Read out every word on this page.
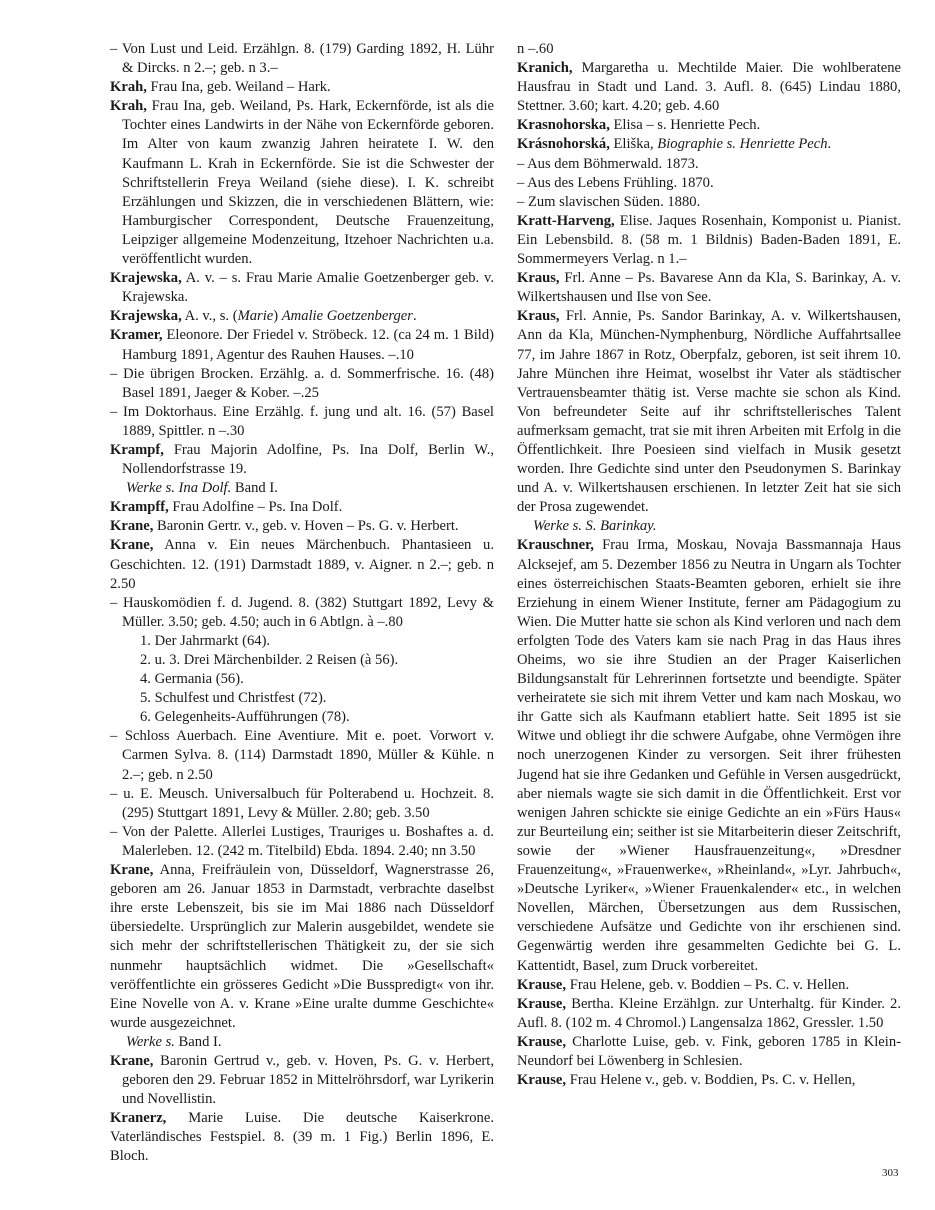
– Von Lust und Leid. Erzählgn. 8. (179) Garding 1892, H. Lühr & Dircks. n 2.–; geb. n 3.–

Krah, Frau Ina, geb. Weiland – Hark.

Krah, Frau Ina, geb. Weiland, Ps. Hark, Eckernförde, ist als die Tochter eines Landwirts in der Nähe von Eckernförde geboren. Im Alter von kaum zwanzig Jahren heiratete I. W. den Kaufmann L. Krah in Eckernförde. Sie ist die Schwester der Schriftstellerin Freya Weiland (siehe diese). I. K. schreibt Erzählungen und Skizzen, die in verschiedenen Blättern, wie: Hamburgischer Correspondent, Deutsche Frauenzeitung, Leipziger allgemeine Modenzeitung, Itzehoer Nachrichten u.a. veröffentlicht wurden.

Krajewska, A. v. – s. Frau Marie Amalie Goetzenberger geb. v. Krajewska.

Krajewska, A. v., s. (Marie) Amalie Goetzenberger.

Kramer, Eleonore. Der Friedel v. Ströbeck. 12. (ca 24 m. 1 Bild) Hamburg 1891, Agentur des Rauhen Hauses. –.10

– Die übrigen Brocken. Erzählg. a. d. Sommerfrische. 16. (48) Basel 1891, Jaeger & Kober. –.25

– Im Doktorhaus. Eine Erzählg. f. jung und alt. 16. (57) Basel 1889, Spittler. n –.30

Krampf, Frau Majorin Adolfine, Ps. Ina Dolf, Berlin W., Nollendorfstrasse 19.

Werke s. Ina Dolf. Band I.

Krampff, Frau Adolfine – Ps. Ina Dolf.

Krane, Baronin Gertr. v., geb. v. Hoven – Ps. G. v. Herbert.

Krane, Anna v. Ein neues Märchenbuch. Phantasieen u. Geschichten. 12. (191) Darmstadt 1889, v. Aigner. n 2.–; geb. n 2.50

– Hauskomödien f. d. Jugend. 8. (382) Stuttgart 1892, Levy & Müller. 3.50; geb. 4.50; auch in 6 Abtlgn. à –.80

1. Der Jahrmarkt (64).

2. u. 3. Drei Märchenbilder. 2 Reisen (à 56).

4. Germania (56).

5. Schulfest und Christfest (72).

6. Gelegenheits-Aufführungen (78).

– Schloss Auerbach. Eine Aventiure. Mit e. poet. Vorwort v. Carmen Sylva. 8. (114) Darmstadt 1890, Müller & Kühle. n 2.–; geb. n 2.50

– u. E. Meusch. Universalbuch für Polterabend u. Hochzeit. 8. (295) Stuttgart 1891, Levy & Müller. 2.80; geb. 3.50

– Von der Palette. Allerlei Lustiges, Trauriges u. Boshaftes a. d. Malerleben. 12. (242 m. Titelbild) Ebda. 1894. 2.40; nn 3.50

Krane, Anna, Freifräulein von, Düsseldorf, Wagnerstrasse 26, geboren am 26. Januar 1853 in Darmstadt, verbrachte daselbst ihre erste Lebenszeit, bis sie im Mai 1886 nach Düsseldorf übersiedelte. Ursprünglich zur Malerin ausgebildet, wendete sie sich mehr der schriftstellerischen Thätigkeit zu, der sie sich nunmehr hauptsächlich widmet. Die »Gesellschaft« veröffentlichte ein grösseres Gedicht »Die Busspredigt« von ihr. Eine Novelle von A. v. Krane »Eine uralte dumme Geschichte« wurde ausgezeichnet.

Werke s. Band I.

Krane, Baronin Gertrud v., geb. v. Hoven, Ps. G. v. Herbert, geboren den 29. Februar 1852 in Mittelröhrsdorf, war Lyrikerin und Novellistin.

Kranerz, Marie Luise. Die deutsche Kaiserkrone. Vaterländisches Festspiel. 8. (39 m. 1 Fig.) Berlin 1896, E. Bloch.

n –.60

Kranich, Margaretha u. Mechtilde Maier. Die wohlberatene Hausfrau in Stadt und Land. 3. Aufl. 8. (645) Lindau 1880, Stettner. 3.60; kart. 4.20; geb. 4.60

Krasnohorska, Elisa – s. Henriette Pech.

Krásnohorská, Eliška, Biographie s. Henriette Pech.

– Aus dem Böhmerwald. 1873.

– Aus des Lebens Frühling. 1870.

– Zum slavischen Süden. 1880.

Kratt-Harveng, Elise. Jaques Rosenhain, Komponist u. Pianist. Ein Lebensbild. 8. (58 m. 1 Bildnis) Baden-Baden 1891, E. Sommermeyers Verlag. n 1.–

Kraus, Frl. Anne – Ps. Bavarese Ann da Kla, S. Barinkay, A. v. Wilkertshausen und Ilse von See.

Kraus, Frl. Annie, Ps. Sandor Barinkay, A. v. Wilkertshausen, Ann da Kla, München-Nymphenburg, Nördliche Auffahrtsallee 77, im Jahre 1867 in Rotz, Oberpfalz, geboren, ist seit ihrem 10. Jahre München ihre Heimat, woselbst ihr Vater als städtischer Vertrauensbeamter thätig ist. Verse machte sie schon als Kind. Von befreundeter Seite auf ihr schriftstellerisches Talent aufmerksam gemacht, trat sie mit ihren Arbeiten mit Erfolg in die Öffentlichkeit. Ihre Poesieen sind vielfach in Musik gesetzt worden. Ihre Gedichte sind unter den Pseudonymen S. Barinkay und A. v. Wilkertshausen erschienen. In letzter Zeit hat sie sich der Prosa zugewendet.

Werke s. S. Barinkay.

Krauschner, Frau Irma, Moskau, Novaja Bassmannaja Haus Alcksejef, am 5. Dezember 1856 zu Neutra in Ungarn als Tochter eines österreichischen Staats-Beamten geboren, erhielt sie ihre Erziehung in einem Wiener Institute, ferner am Pädagogium zu Wien. Die Mutter hatte sie schon als Kind verloren und nach dem erfolgten Tode des Vaters kam sie nach Prag in das Haus ihres Oheims, wo sie ihre Studien an der Prager Kaiserlichen Bildungsanstalt für Lehrerinnen fortsetzte und beendigte. Später verheiratete sie sich mit ihrem Vetter und kam nach Moskau, wo ihr Gatte sich als Kaufmann etabliert hatte. Seit 1895 ist sie Witwe und obliegt ihr die schwere Aufgabe, ohne Vermögen ihre noch unerzogenen Kinder zu versorgen. Seit ihrer frühesten Jugend hat sie ihre Gedanken und Gefühle in Versen ausgedrückt, aber niemals wagte sie sich damit in die Öffentlichkeit. Erst vor wenigen Jahren schickte sie einige Gedichte an ein »Fürs Haus« zur Beurteilung ein; seither ist sie Mitarbeiterin dieser Zeitschrift, sowie der »Wiener Hausfrauenzeitung«, »Dresdner Frauenzeitung«, »Frauenwerke«, »Rheinland«, »Lyr. Jahrbuch«, »Deutsche Lyriker«, »Wiener Frauenkalender« etc., in welchen Novellen, Märchen, Übersetzungen aus dem Russischen, verschiedene Aufsätze und Gedichte von ihr erschienen sind. Gegenwärtig werden ihre gesammelten Gedichte bei G. L. Kattentidt, Basel, zum Druck vorbereitet.

Krause, Frau Helene, geb. v. Boddien – Ps. C. v. Hellen.

Krause, Bertha. Kleine Erzählgn. zur Unterhaltg. für Kinder. 2. Aufl. 8. (102 m. 4 Chromol.) Langensalza 1862, Gressler. 1.50

Krause, Charlotte Luise, geb. v. Fink, geboren 1785 in Klein-Neundorf bei Löwenberg in Schlesien.

Krause, Frau Helene v., geb. v. Boddien, Ps. C. v. Hellen,

303
